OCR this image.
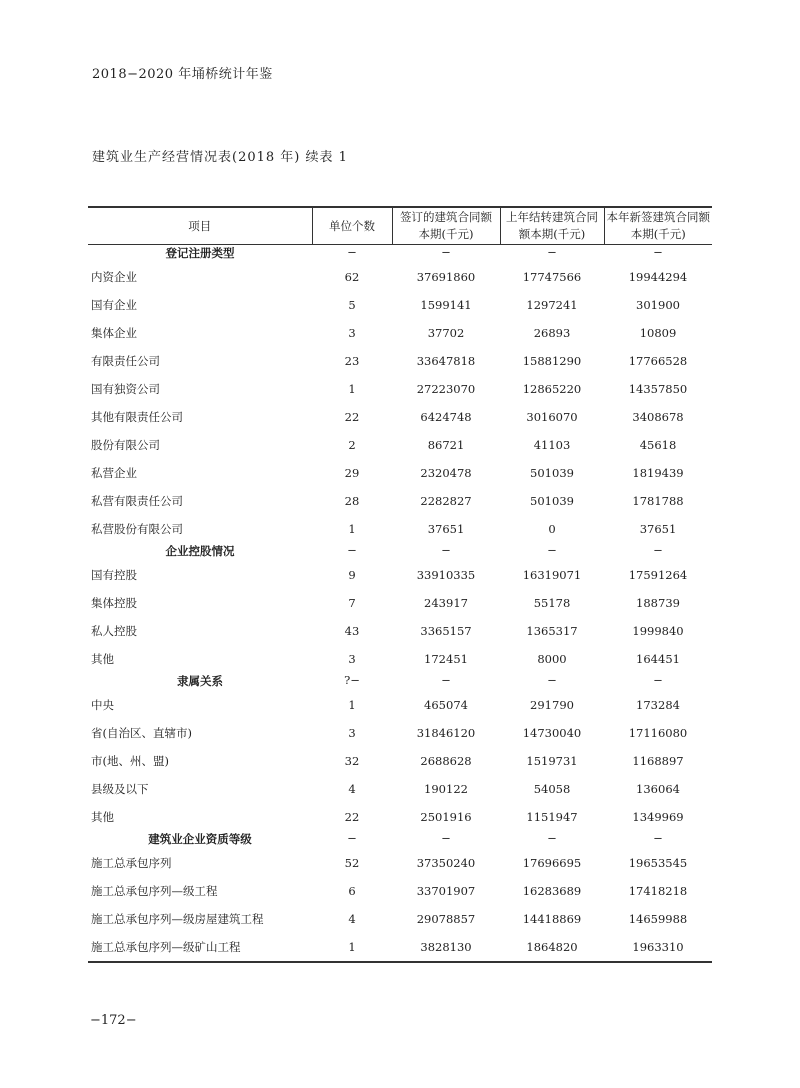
2018−2020 年埇桥统计年鉴
建筑业生产经营情况表(2018 年) 续表 1
项目	单位个数	签订的建筑合同额本期(千元)	上年结转建筑合同额本期(千元)	本年新签建筑合同额本期(千元)
登记注册类型	−	−	−	−
内资企业	62	37691860	17747566	19944294
国有企业	5	1599141	1297241	301900
集体企业	3	37702	26893	10809
有限责任公司	23	33647818	15881290	17766528
国有独资公司	1	27223070	12865220	14357850
其他有限责任公司	22	6424748	3016070	3408678
股份有限公司	2	86721	41103	45618
私营企业	29	2320478	501039	1819439
私营有限责任公司	28	2282827	501039	1781788
私营股份有限公司	1	37651	0	37651
企业控股情况	−	−	−	−
国有控股	9	33910335	16319071	17591264
集体控股	7	243917	55178	188739
私人控股	43	3365157	1365317	1999840
其他	3	172451	8000	164451
隶属关系	?−	−	−	−
中央	1	465074	291790	173284
省(自治区、直辖市)	3	31846120	14730040	17116080
市(地、州、盟)	32	2688628	1519731	1168897
县级及以下	4	190122	54058	136064
其他	22	2501916	1151947	1349969
建筑业企业资质等级	−	−	−	−
施工总承包序列	52	37350240	17696695	19653545
施工总承包序列—级工程	6	33701907	16283689	17418218
施工总承包序列—级房屋建筑工程	4	29078857	14418869	14659988
施工总承包序列—级矿山工程	1	3828130	1864820	1963310
−172−
